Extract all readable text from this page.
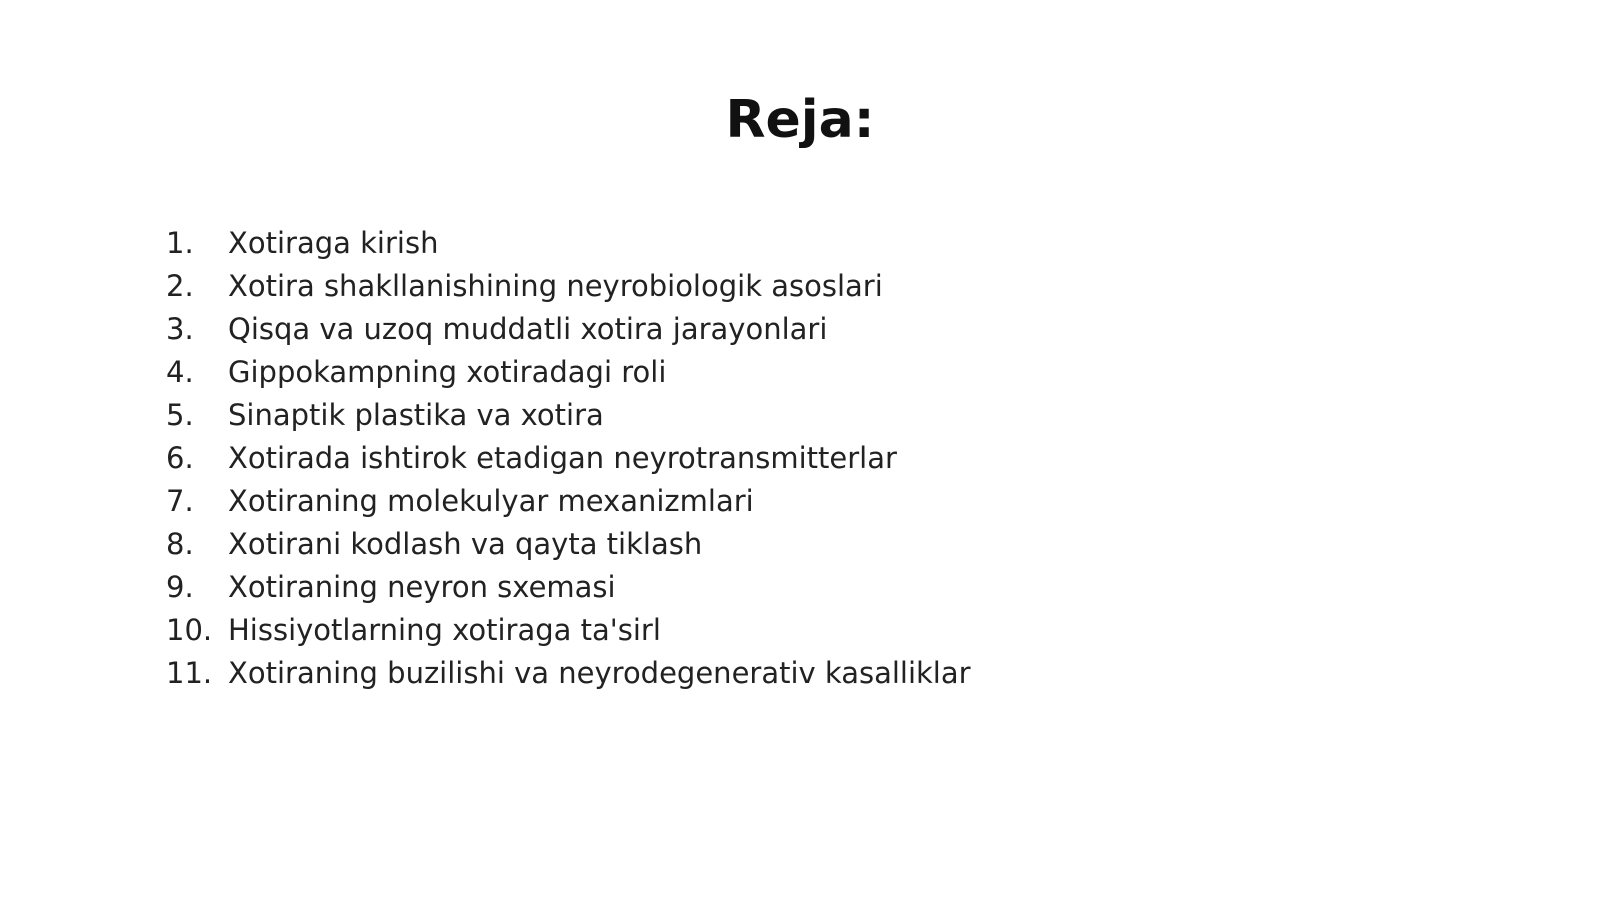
Reja:
1.	Xotiraga kirish
2.	Xotira shakllanishining neyrobiologik asoslari
3.	Qisqa va uzoq muddatli xotira jarayonlari
4.	Gippokampning xotiradagi roli
5.	Sinaptik plastika va xotira
6.	Xotirada ishtirok etadigan neyrotransmitterlar
7.	Xotiraning molekulyar mexanizmlari
8.	Xotirani kodlash va qayta tiklash
9.	Xotiraning neyron sxemasi
10. Hissiyotlarning xotiraga ta'sirl
11. Xotiraning buzilishi va neyrodegenerativ kasalliklar
